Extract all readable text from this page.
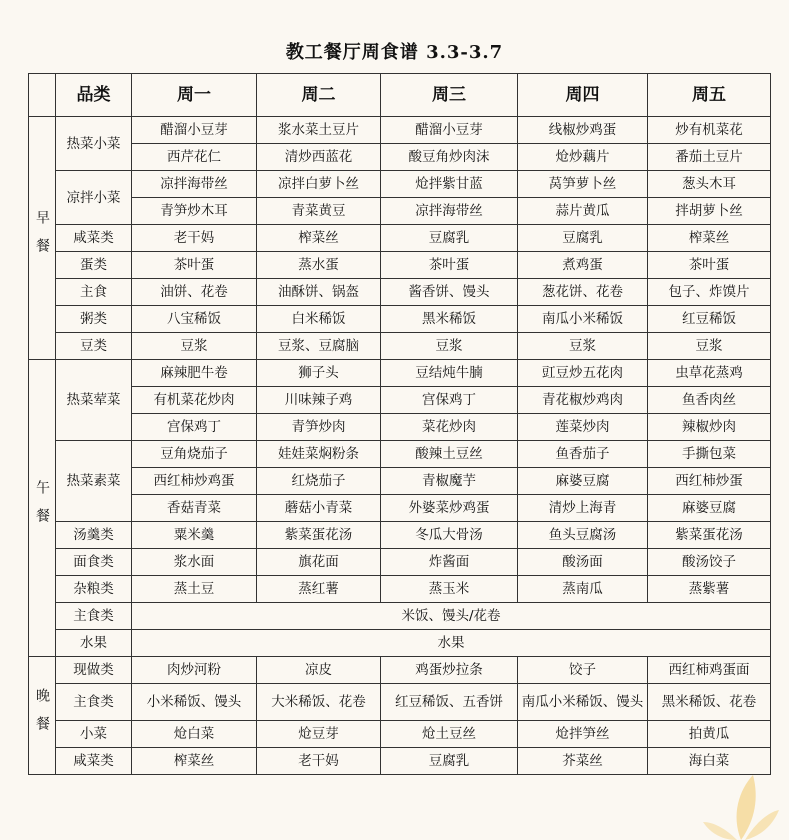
教工餐厅周食谱 3.3-3.7
	品类	周一	周二	周三	周四	周五
早餐	热菜小菜	醋溜小豆芽	浆水菜土豆片	醋溜小豆芽	线椒炒鸡蛋	炒有机菜花
		西芹花仁	清炒西蓝花	酸豆角炒肉沫	炝炒藕片	番茄土豆片
	凉拌小菜	凉拌海带丝	凉拌白萝卜丝	炝拌紫甘蓝	莴笋萝卜丝	葱头木耳
		青笋炒木耳	青菜黄豆	凉拌海带丝	蒜片黄瓜	拌胡萝卜丝
	咸菜类	老干妈	榨菜丝	豆腐乳	豆腐乳	榨菜丝
	蛋类	茶叶蛋	蒸水蛋	茶叶蛋	煮鸡蛋	茶叶蛋
	主食	油饼、花卷	油酥饼、锅盔	酱香饼、馒头	葱花饼、花卷	包子、炸馍片
	粥类	八宝稀饭	白米稀饭	黑米稀饭	南瓜小米稀饭	红豆稀饭
	豆类	豆浆	豆浆、豆腐脑	豆浆	豆浆	豆浆
午餐	热菜荤菜	麻辣肥牛卷	狮子头	豆结炖牛腩	豇豆炒五花肉	虫草花蒸鸡
		有机菜花炒肉	川味辣子鸡	宫保鸡丁	青花椒炒鸡肉	鱼香肉丝
		宫保鸡丁	青笋炒肉	菜花炒肉	莲菜炒肉	辣椒炒肉
	热菜素菜	豆角烧茄子	娃娃菜焖粉条	酸辣土豆丝	鱼香茄子	手撕包菜
		西红柿炒鸡蛋	红烧茄子	青椒魔芋	麻婆豆腐	西红柿炒蛋
		香菇青菜	蘑菇小青菜	外婆菜炒鸡蛋	清炒上海青	麻婆豆腐
	汤羹类	粟米羹	紫菜蛋花汤	冬瓜大骨汤	鱼头豆腐汤	紫菜蛋花汤
	面食类	浆水面	旗花面	炸酱面	酸汤面	酸汤饺子
	杂粮类	蒸土豆	蒸红薯	蒸玉米	蒸南瓜	蒸紫薯
	主食类	米饭、馒头/花卷				
	水果	水果				
晚餐	现做类	肉炒河粉	凉皮	鸡蛋炒拉条	饺子	西红柿鸡蛋面
	主食类	小米稀饭、馒头	大米稀饭、花卷	红豆稀饭、五香饼	南瓜小米稀饭、馒头	黑米稀饭、花卷
	小菜	炝白菜	炝豆芽	炝土豆丝	炝拌笋丝	拍黄瓜
	咸菜类	榨菜丝	老干妈	豆腐乳	芥菜丝	海白菜
